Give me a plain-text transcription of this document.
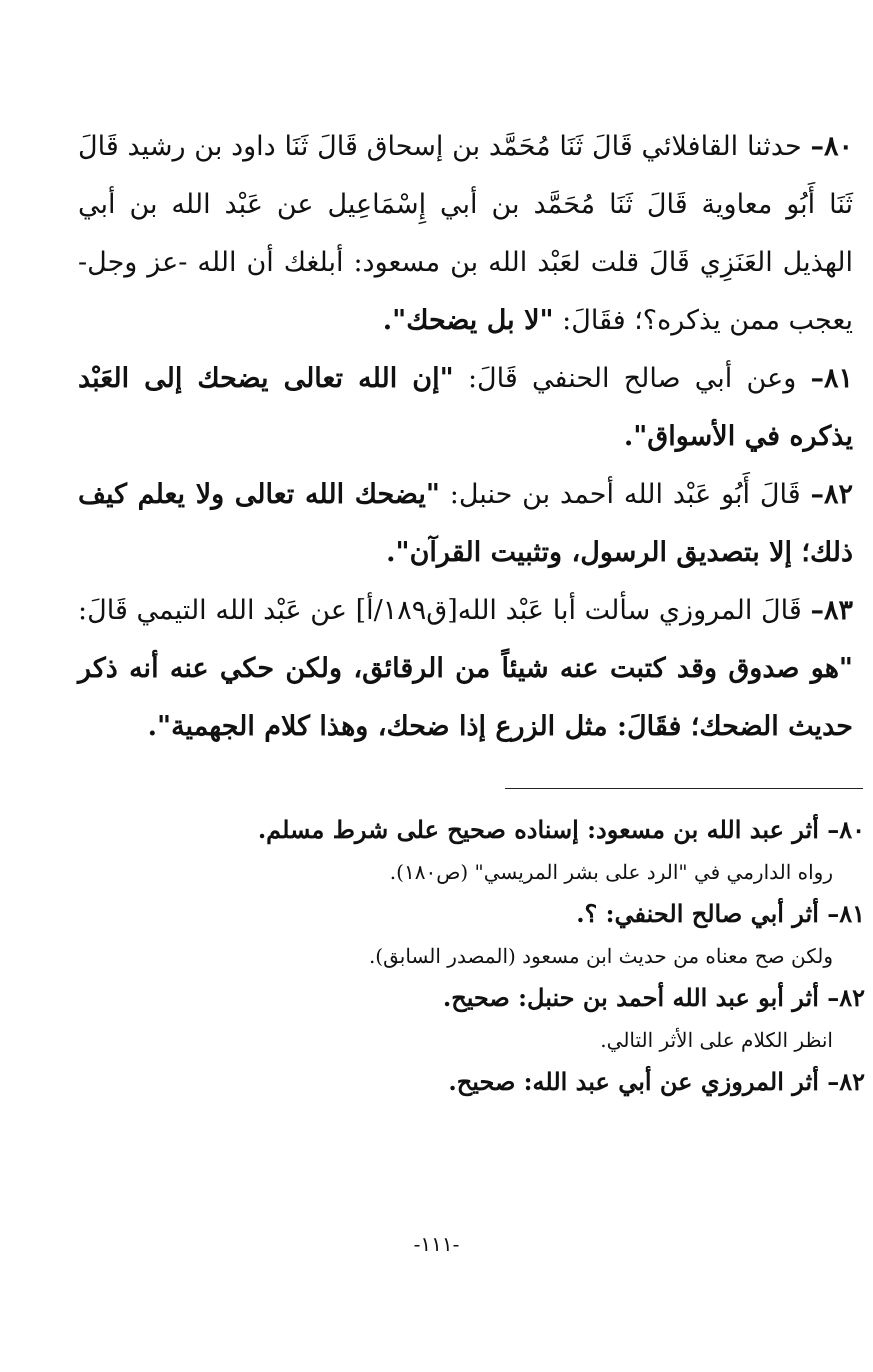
٨٠– حدثنا القافلائي قَالَ ثَنَا مُحَمَّد بن إسحاق قَالَ ثَنَا داود بن رشيد قَالَ ثَنَا أَبُو معاوية قَالَ ثَنَا مُحَمَّد بن أبي إِسْمَاعِيل عن عَبْد الله بن أبي الهذيل العَنَزِي قَالَ قلت لعَبْد الله بن مسعود: أبلغك أن الله -عز وجل- يعجب ممن يذكره؟؛ فقَالَ: "لا بل يضحك".

٨١– وعن أبي صالح الحنفي قَالَ: "إن الله تعالى يضحك إلى العَبْد يذكره في الأسواق".

٨٢– قَالَ أَبُو عَبْد الله أحمد بن حنبل: "يضحك الله تعالى ولا يعلم كيف ذلك؛ إلا بتصديق الرسول، وتثبيت القرآن".

٨٣– قَالَ المروزي سألت أبا عَبْد الله[ق١٨٩/أ] عن عَبْد الله التيمي قَالَ: "هو صدوق وقد كتبت عنه شيئاً من الرقائق، ولكن حكي عنه أنه ذكر حديث الضحك؛ فقَالَ: مثل الزرع إذا ضحك، وهذا كلام الجهمية".

٨٠– أثر عبد الله بن مسعود: إسناده صحيح على شرط مسلم.

رواه الدارمي في "الرد على بشر المريسي" (ص١٨٠).

٨١– أثر أبي صالح الحنفي: ؟.

ولكن صح معناه من حديث ابن مسعود (المصدر السابق).

٨٢– أثر أبو عبد الله أحمد بن حنبل: صحيح.

انظر الكلام على الأثر التالي.

٨٢– أثر المروزي عن أبي عبد الله: صحيح.

-١١١-
